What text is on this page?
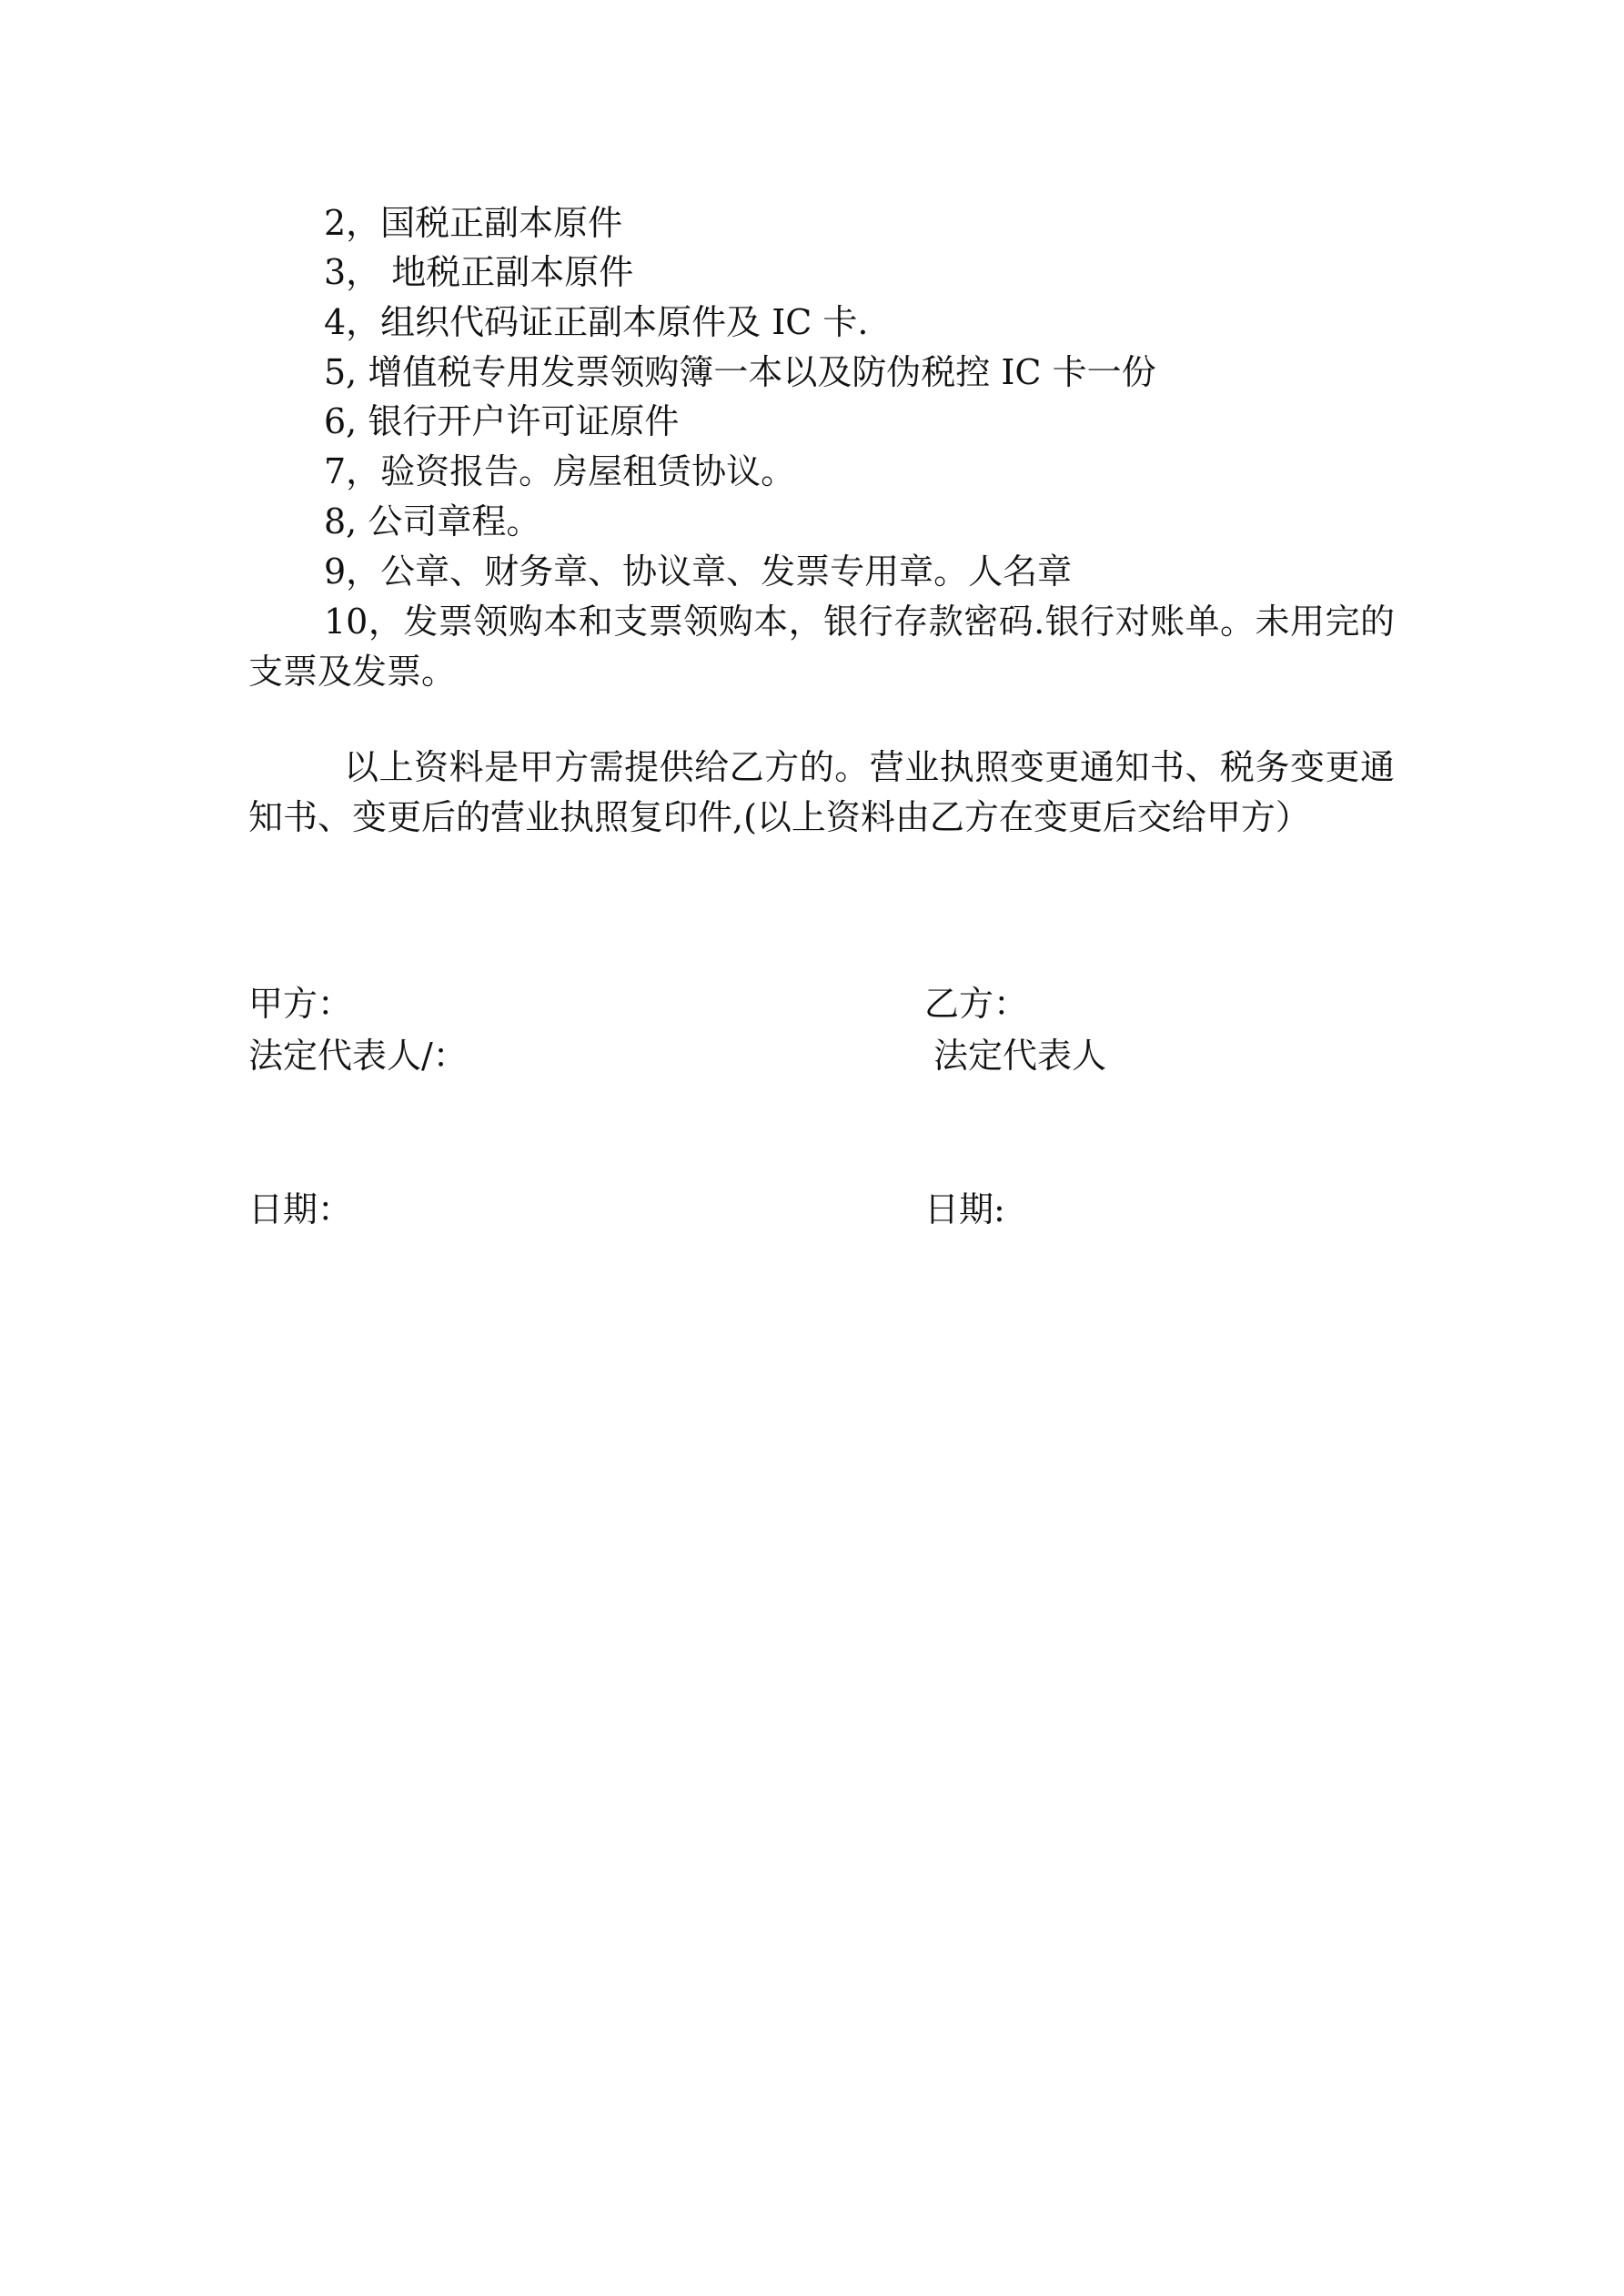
2，国税正副本原件
3， 地税正副本原件
4，组织代码证正副本原件及 IC 卡.
5, 增值税专用发票领购簿一本以及防伪税控 IC 卡一份
6, 银行开户许可证原件
7，验资报告。房屋租赁协议。
8, 公司章程。
9，公章、财务章、协议章、发票专用章。人名章
10，发票领购本和支票领购本，银行存款密码.银行对账单。未用完的支票及发票。
以上资料是甲方需提供给乙方的。营业执照变更通知书、税务变更通知书、变更后的营业执照复印件,(以上资料由乙方在变更后交给甲方）
甲方：
法定代表人/：
日期：
乙方：
法定代表人
日期:
